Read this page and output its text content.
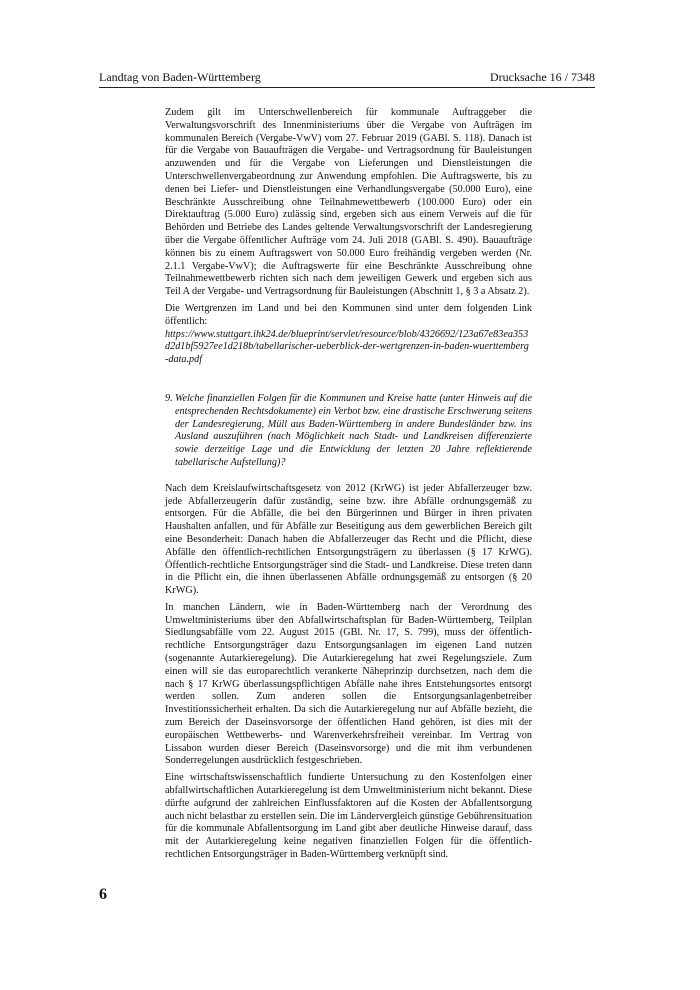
Landtag von Baden-Württemberg	Drucksache 16 / 7348

Zudem gilt im Unterschwellenbereich für kommunale Auftraggeber die Verwaltungsvorschrift des Innenministeriums über die Vergabe von Aufträgen im kommunalen Bereich (Vergabe-VwV) vom 27. Februar 2019 (GABl. S. 118). Danach ist für die Vergabe von Bauaufträgen die Vergabe- und Vertragsordnung für Bauleistungen anzuwenden und für die Vergabe von Lieferungen und Dienstleistungen die Unterschwellenvergabeordnung zur Anwendung empfohlen. Die Auftragswerte, bis zu denen bei Liefer- und Dienstleistungen eine Verhandlungsvergabe (50.000 Euro), eine Beschränkte Ausschreibung ohne Teilnahmewettbewerb (100.000 Euro) oder ein Direktauftrag (5.000 Euro) zulässig sind, ergeben sich aus einem Verweis auf die für Behörden und Betriebe des Landes geltende Verwaltungsvorschrift der Landesregierung über die Vergabe öffentlicher Aufträge vom 24. Juli 2018 (GABl. S. 490). Bauaufträge können bis zu einem Auftragswert von 50.000 Euro freihändig vergeben werden (Nr. 2.1.1 Vergabe-VwV); die Auftragswerte für eine Beschränkte Ausschreibung ohne Teilnahmewettbewerb richten sich nach dem jeweiligen Gewerk und ergeben sich aus Teil A der Vergabe- und Vertragsordnung für Bauleistungen (Abschnitt 1, § 3 a Absatz 2).

Die Wertgrenzen im Land und bei den Kommunen sind unter dem folgenden Link öffentlich:

https://www.stuttgart.ihk24.de/blueprint/servlet/resource/blob/4326692/123a67e83ea353d2d1bf5927ee1d218b/tabellarischer-ueberblick-der-wertgrenzen-in-baden-wuerttemberg-data.pdf

9. Welche finanziellen Folgen für die Kommunen und Kreise hatte (unter Hinweis auf die entsprechenden Rechtsdokumente) ein Verbot bzw. eine drastische Erschwerung seitens der Landesregierung, Müll aus Baden-Württemberg in andere Bundesländer bzw. ins Ausland auszuführen (nach Möglichkeit nach Stadt- und Landkreisen differenzierte sowie derzeitige Lage und die Entwicklung der letzten 20 Jahre reflektierende tabellarische Aufstellung)?

Nach dem Kreislaufwirtschaftsgesetz von 2012 (KrWG) ist jeder Abfallerzeuger bzw. jede Abfallerzeugerin dafür zuständig, seine bzw. ihre Abfälle ordnungsgemäß zu entsorgen. Für die Abfälle, die bei den Bürgerinnen und Bürger in ihren privaten Haushalten anfallen, und für Abfälle zur Beseitigung aus dem gewerblichen Bereich gilt eine Besonderheit: Danach haben die Abfallerzeuger das Recht und die Pflicht, diese Abfälle den öffentlich-rechtlichen Entsorgungsträgern zu überlassen (§ 17 KrWG). Öffentlich-rechtliche Entsorgungsträger sind die Stadt- und Landkreise. Diese treten dann in die Pflicht ein, die ihnen überlassenen Abfälle ordnungsgemäß zu entsorgen (§ 20 KrWG).

In manchen Ländern, wie in Baden-Württemberg nach der Verordnung des Umweltministeriums über den Abfallwirtschaftsplan für Baden-Württemberg, Teilplan Siedlungsabfälle vom 22. August 2015 (GBl. Nr. 17, S. 799), muss der öffentlich-rechtliche Entsorgungsträger dazu Entsorgungsanlagen im eigenen Land nutzen (sogenannte Autarkieregelung). Die Autarkieregelung hat zwei Regelungsziele. Zum einen will sie das europarechtlich verankerte Näheprinzip durchsetzen, nach dem die nach § 17 KrWG überlassungspflichtigen Abfälle nahe ihres Entstehungsortes entsorgt werden sollen. Zum anderen sollen die Entsorgungsanlagenbetreiber Investitionssicherheit erhalten. Da sich die Autarkieregelung nur auf Abfälle bezieht, die zum Bereich der Daseinsvorsorge der öffentlichen Hand gehören, ist dies mit der europäischen Wettbewerbs- und Warenverkehrsfreiheit vereinbar. Im Vertrag von Lissabon wurden dieser Bereich (Daseinsvorsorge) und die mit ihm verbundenen Sonderregelungen ausdrücklich festgeschrieben.

Eine wirtschaftswissenschaftlich fundierte Untersuchung zu den Kostenfolgen einer abfallwirtschaftlichen Autarkieregelung ist dem Umweltministerium nicht bekannt. Diese dürfte aufgrund der zahlreichen Einflussfaktoren auf die Kosten der Abfallentsorgung auch nicht belastbar zu erstellen sein. Die im Ländervergleich günstige Gebührensituation für die kommunale Abfallentsorgung im Land gibt aber deutliche Hinweise darauf, dass mit der Autarkieregelung keine negativen finanziellen Folgen für die öffentlich-rechtlichen Entsorgungsträger in Baden-Württemberg verknüpft sind.

6
